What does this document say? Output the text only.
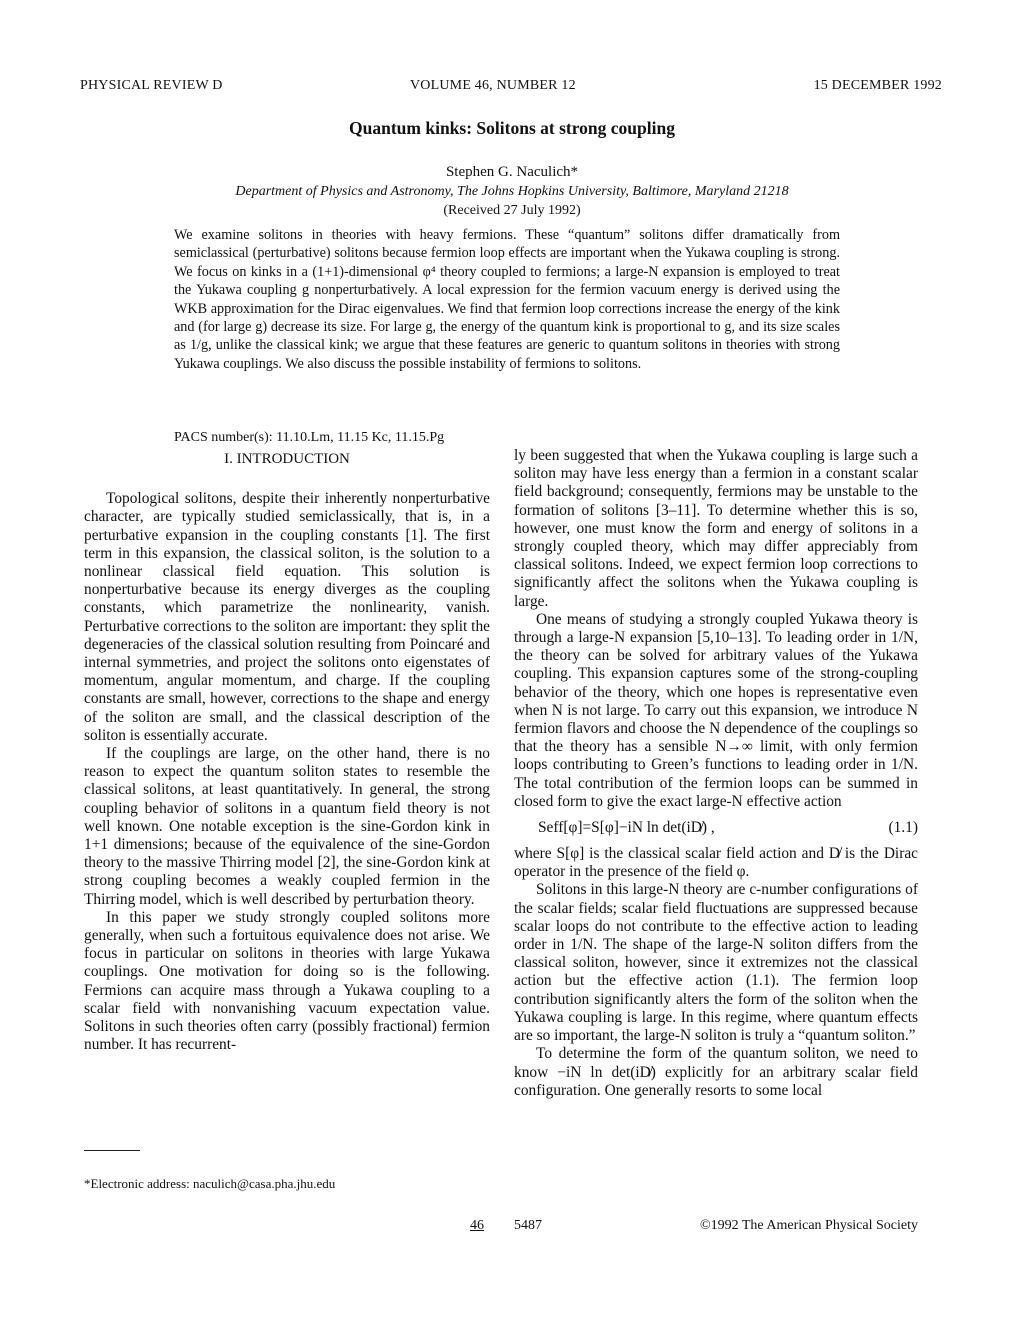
PHYSICAL REVIEW D	VOLUME 46, NUMBER 12	15 DECEMBER 1992
Quantum kinks: Solitons at strong coupling
Stephen G. Naculich*
Department of Physics and Astronomy, The Johns Hopkins University, Baltimore, Maryland 21218
(Received 27 July 1992)
We examine solitons in theories with heavy fermions. These “quantum” solitons differ dramatically from semiclassical (perturbative) solitons because fermion loop effects are important when the Yukawa coupling is strong. We focus on kinks in a (1+1)-dimensional φ⁴ theory coupled to fermions; a large-N expansion is employed to treat the Yukawa coupling g nonperturbatively. A local expression for the fermion vacuum energy is derived using the WKB approximation for the Dirac eigenvalues. We find that fermion loop corrections increase the energy of the kink and (for large g) decrease its size. For large g, the energy of the quantum kink is proportional to g, and its size scales as 1/g, unlike the classical kink; we argue that these features are generic to quantum solitons in theories with strong Yukawa couplings. We also discuss the possible instability of fermions to solitons.
PACS number(s): 11.10.Lm, 11.15 Kc, 11.15.Pg
I. INTRODUCTION

Topological solitons, despite their inherently nonperturbative character, are typically studied semiclassically, that is, in a perturbative expansion in the coupling constants [1]. The first term in this expansion, the classical soliton, is the solution to a nonlinear classical field equation. This solution is nonperturbative because its energy diverges as the coupling constants, which parametrize the nonlinearity, vanish. Perturbative corrections to the soliton are important: they split the degeneracies of the classical solution resulting from Poincaré and internal symmetries, and project the solitons onto eigenstates of momentum, angular momentum, and charge. If the coupling constants are small, however, corrections to the shape and energy of the soliton are small, and the classical description of the soliton is essentially accurate.

If the couplings are large, on the other hand, there is no reason to expect the quantum soliton states to resemble the classical solitons, at least quantitatively. In general, the strong coupling behavior of solitons in a quantum field theory is not well known. One notable exception is the sine-Gordon kink in 1+1 dimensions; because of the equivalence of the sine-Gordon theory to the massive Thirring model [2], the sine-Gordon kink at strong coupling becomes a weakly coupled fermion in the Thirring model, which is well described by perturbation theory.

In this paper we study strongly coupled solitons more generally, when such a fortuitous equivalence does not arise. We focus in particular on solitons in theories with large Yukawa couplings. One motivation for doing so is the following. Fermions can acquire mass through a Yukawa coupling to a scalar field with nonvanishing vacuum expectation value. Solitons in such theories often carry (possibly fractional) fermion number. It has recurrent-

ly been suggested that when the Yukawa coupling is large such a soliton may have less energy than a fermion in a constant scalar field background; consequently, fermions may be unstable to the formation of solitons [3–11]. To determine whether this is so, however, one must know the form and energy of solitons in a strongly coupled theory, which may differ appreciably from classical solitons. Indeed, we expect fermion loop corrections to significantly affect the solitons when the Yukawa coupling is large.

One means of studying a strongly coupled Yukawa theory is through a large-N expansion [5,10–13]. To leading order in 1/N, the theory can be solved for arbitrary values of the Yukawa coupling. This expansion captures some of the strong-coupling behavior of the theory, which one hopes is representative even when N is not large. To carry out this expansion, we introduce N fermion flavors and choose the N dependence of the couplings so that the theory has a sensible N→∞ limit, with only fermion loops contributing to Green’s functions to leading order in 1/N. The total contribution of the fermion loops can be summed in closed form to give the exact large-N effective action

Seff[φ]=S[φ]−iN ln det(iD̸) ,	(1.1)

where S[φ] is the classical scalar field action and D̸ is the Dirac operator in the presence of the field φ.

Solitons in this large-N theory are c-number configurations of the scalar fields; scalar field fluctuations are suppressed because scalar loops do not contribute to the effective action to leading order in 1/N. The shape of the large-N soliton differs from the classical soliton, however, since it extremizes not the classical action but the effective action (1.1). The fermion loop contribution significantly alters the form of the soliton when the Yukawa coupling is large. In this regime, where quantum effects are so important, the large-N soliton is truly a “quantum soliton.”

To determine the form of the quantum soliton, we need to know −iN ln det(iD̸) explicitly for an arbitrary scalar field configuration. One generally resorts to some local

*Electronic address: naculich@casa.pha.jhu.edu
46 5487	©1992 The American Physical Society
